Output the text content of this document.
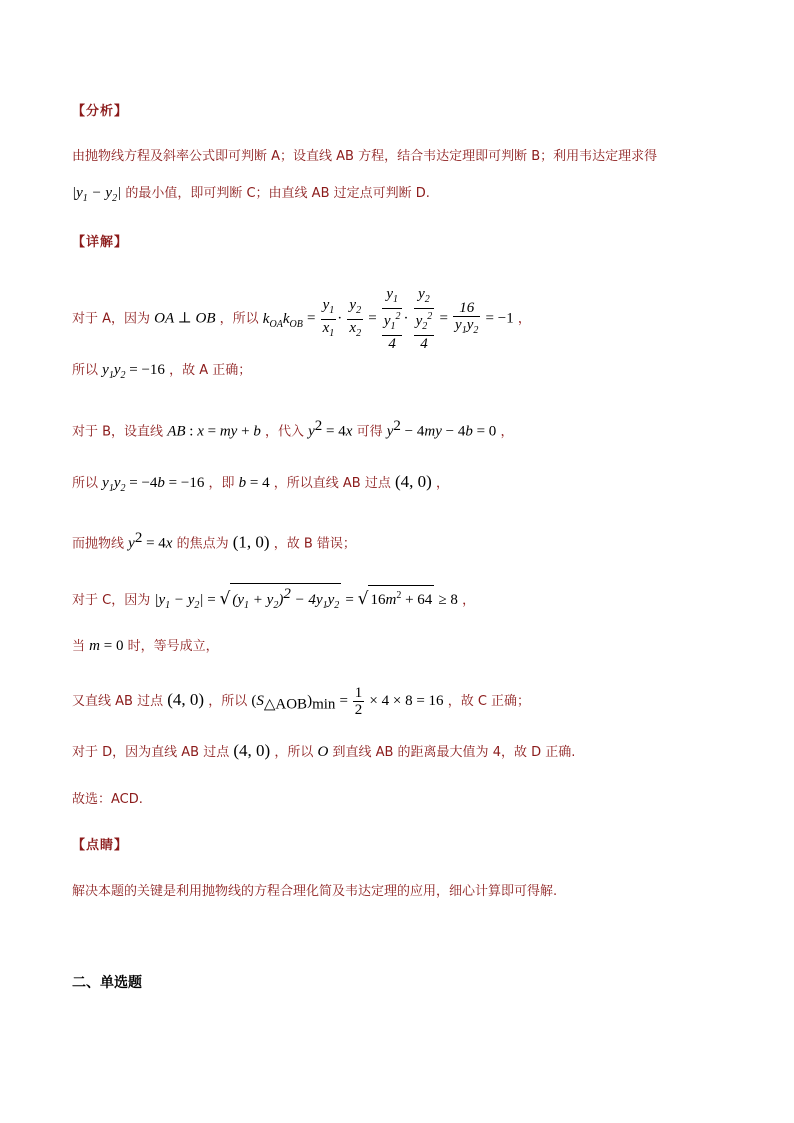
【分析】
由抛物线方程及斜率公式即可判断 A；设直线 AB 方程，结合韦达定理即可判断 B；利用韦达定理求得
$|y_1 - y_2|$ 的最小值，即可判断 C；由直线 AB 过定点可判断 D.
【详解】
对于 A，因为 OA ⊥ OB ，所以 $k_{OA}k_{OB} = \frac{y_1}{x_1} \cdot \frac{y_2}{x_2}$ =
$y_1$
$y_1^2$
4
·
$y_2$
$y_2^2$
4
= $\frac{16}{y_1y_2} = -1$ ，
所以 $y_1y_2 = -16$ ，故 A 正确；
对于 B，设直线 AB : x = my + b ，代入 $y^2 = 4x$ 可得 $y^2 - 4my - 4b = 0$ ，
所以 $y_1y_2 = -4b = -16$ ，即 b = 4 ，所以直线 AB 过点 (4, 0) ，
而抛物线 $y^2 = 4x$ 的焦点为 (1, 0) ，故 B 错误；
对于 C，因为 $|y_1 - y_2|$ = √ $(y_1 + y_2)^2 - 4y_1y_2$ = √ $16m^2 + 64 \ge 8$ ，
当 m = 0 时，等号成立，
又直线 AB 过点 (4, 0) ，所以 $(S_{\triangle AOB})_{min} = \frac{1}{2} \times 4 \times 8 = 16$ ，故 C 正确；
对于 D，因为直线 AB 过点 (4, 0) ，所以 O 到直线 AB 的距离最大值为 4，故 D 正确.
故选：ACD.
【点睛】
解决本题的关键是利用抛物线的方程合理化简及韦达定理的应用，细心计算即可得解.
二、单选题
